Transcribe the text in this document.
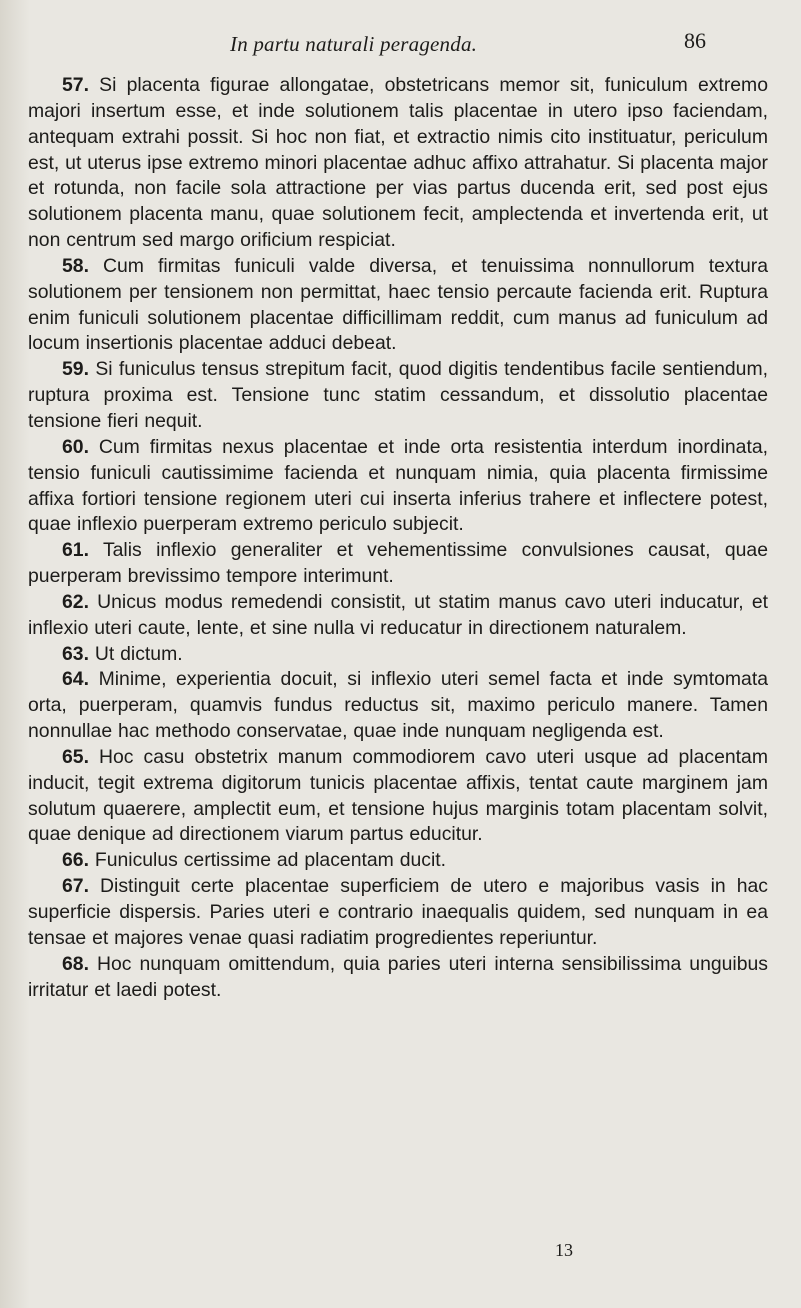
In partu naturali peragenda.	86

57. Si placenta figurae allongatae, obstetricans memor sit, funiculum extremo majori insertum esse, et inde solutionem talis placentae in utero ipso faciendam, antequam extrahi possit. Si hoc non fiat, et extractio nimis cito instituatur, periculum est, ut uterus ipse extremo minori placentae adhuc affixo attrahatur. Si placenta major et rotunda, non facile sola attractione per vias partus ducenda erit, sed post ejus solutionem placenta manu, quae solutionem fecit, amplectenda et invertenda erit, ut non centrum sed margo orificium respiciat.

58. Cum firmitas funiculi valde diversa, et tenuissima nonnullorum textura solutionem per tensionem non permittat, haec tensio percaute facienda erit. Ruptura enim funiculi solutionem placentae difficillimam reddit, cum manus ad funiculum ad locum insertionis placentae adduci debeat.

59. Si funiculus tensus strepitum facit, quod digitis tendentibus facile sentiendum, ruptura proxima est. Tensione tunc statim cessandum, et dissolutio placentae tensione fieri nequit.

60. Cum firmitas nexus placentae et inde orta resistentia interdum inordinata, tensio funiculi cautissimime facienda et nunquam nimia, quia placenta firmissime affixa fortiori tensione regionem uteri cui inserta inferius trahere et inflectere potest, quae inflexio puerperam extremo periculo subjecit.

61. Talis inflexio generaliter et vehementissime convulsiones causat, quae puerperam brevissimo tempore interimunt.

62. Unicus modus remedendi consistit, ut statim manus cavo uteri inducatur, et inflexio uteri caute, lente, et sine nulla vi reducatur in directionem naturalem.

63. Ut dictum.

64. Minime, experientia docuit, si inflexio uteri semel facta et inde symtomata orta, puerperam, quamvis fundus reductus sit, maximo periculo manere. Tamen nonnullae hac methodo conservatae, quae inde nunquam negligenda est.

65. Hoc casu obstetrix manum commodiorem cavo uteri usque ad placentam inducit, tegit extrema digitorum tunicis placentae affixis, tentat caute marginem jam solutum quaerere, amplectit eum, et tensione hujus marginis totam placentam solvit, quae denique ad directionem viarum partus educitur.

66. Funiculus certissime ad placentam ducit.

67. Distinguit certe placentae superficiem de utero e majoribus vasis in hac superficie dispersis. Paries uteri e contrario inaequalis quidem, sed nunquam in ea tensae et majores venae quasi radiatim progredientes reperiuntur.

68. Hoc nunquam omittendum, quia paries uteri interna sensibilissima unguibus irritatur et laedi potest.

13
